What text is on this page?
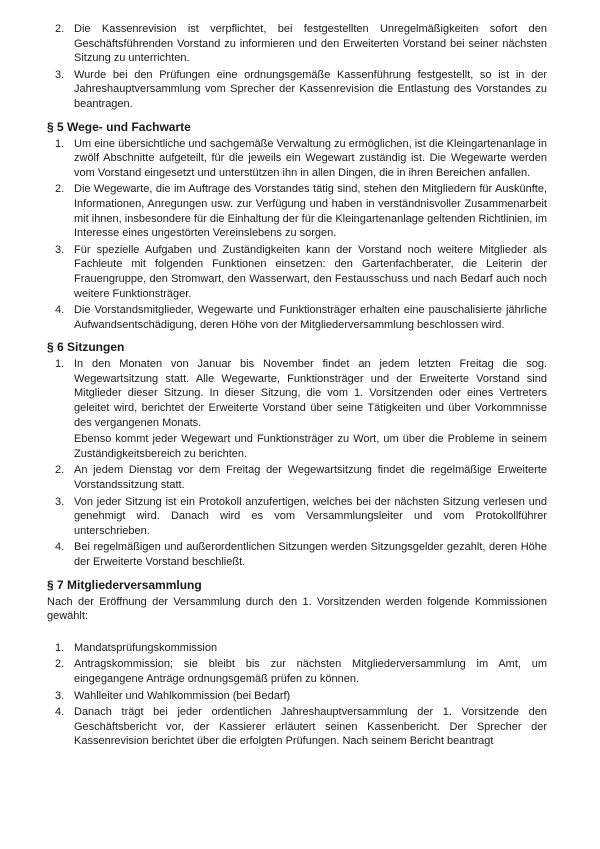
2. Die Kassenrevision ist verpflichtet, bei festgestellten Unregelmäßigkeiten sofort den Geschäftsführenden Vorstand zu informieren und den Erweiterten Vorstand bei seiner nächsten Sitzung zu unterrichten.

3. Wurde bei den Prüfungen eine ordnungsgemäße Kassenführung festgestellt, so ist in der Jahreshauptversammlung vom Sprecher der Kassenrevision die Entlastung des Vorstandes zu beantragen.

§ 5 Wege- und Fachwarte
1. Um eine übersichtliche und sachgemäße Verwaltung zu ermöglichen, ist die Kleingartenanlage in zwölf Abschnitte aufgeteilt, für die jeweils ein Wegewart zuständig ist. Die Wegewarte werden vom Vorstand eingesetzt und unterstützen ihn in allen Dingen, die in ihren Bereichen anfallen.

2. Die Wegewarte, die im Auftrage des Vorstandes tätig sind, stehen den Mitgliedern für Auskünfte, Informationen, Anregungen usw. zur Verfügung und haben in verständnisvoller Zusammenarbeit mit ihnen, insbesondere für die Einhaltung der für die Kleingartenanlage geltenden Richtlinien, im Interesse eines ungestörten Vereinslebens zu sorgen.

3. Für spezielle Aufgaben und Zuständigkeiten kann der Vorstand noch weitere Mitglieder als Fachleute mit folgenden Funktionen einsetzen: den Gartenfachberater, die Leiterin der Frauengruppe, den Stromwart, den Wasserwart, den Festausschuss und nach Bedarf auch noch weitere Funktionsträger.

4. Die Vorstandsmitglieder, Wegewarte und Funktionsträger erhalten eine pauschalisierte jährliche Aufwandsentschädigung, deren Höhe von der Mitgliederversammlung beschlossen wird.

§ 6 Sitzungen
1. In den Monaten von Januar bis November findet an jedem letzten Freitag die sog. Wegewartsitzung statt. Alle Wegewarte, Funktionsträger und der Erweiterte Vorstand sind Mitglieder dieser Sitzung. In dieser Sitzung, die vom 1. Vorsitzenden oder eines Vertreters geleitet wird, berichtet der Erweiterte Vorstand über seine Tätigkeiten und über Vorkommnisse des vergangenen Monats.

Ebenso kommt jeder Wegewart und Funktionsträger zu Wort, um über die Probleme in seinem Zuständigkeitsbereich zu berichten.

2. An jedem Dienstag vor dem Freitag der Wegewartsitzung findet die regelmäßige Erweiterte Vorstandssitzung statt.

3. Von jeder Sitzung ist ein Protokoll anzufertigen, welches bei der nächsten Sitzung verlesen und genehmigt wird. Danach wird es vom Versammlungsleiter und vom Protokollführer unterschrieben.

4. Bei regelmäßigen und außerordentlichen Sitzungen werden Sitzungsgelder gezahlt, deren Höhe der Erweiterte Vorstand beschließt.

§ 7 Mitgliederversammlung

Nach der Eröffnung der Versammlung durch den 1. Vorsitzenden werden folgende Kommissionen gewählt:

1. Mandatsprüfungskommission

2. Antragskommission; sie bleibt bis zur nächsten Mitgliederversammlung im Amt, um eingegangene Anträge ordnungsgemäß prüfen zu können.

3. Wahlleiter und Wahlkommission (bei Bedarf)

4. Danach trägt bei jeder ordentlichen Jahreshauptversammlung der 1. Vorsitzende den Geschäftsbericht vor, der Kassierer erläutert seinen Kassenbericht. Der Sprecher der Kassenrevision berichtet über die erfolgten Prüfungen. Nach seinem Bericht beantragt
